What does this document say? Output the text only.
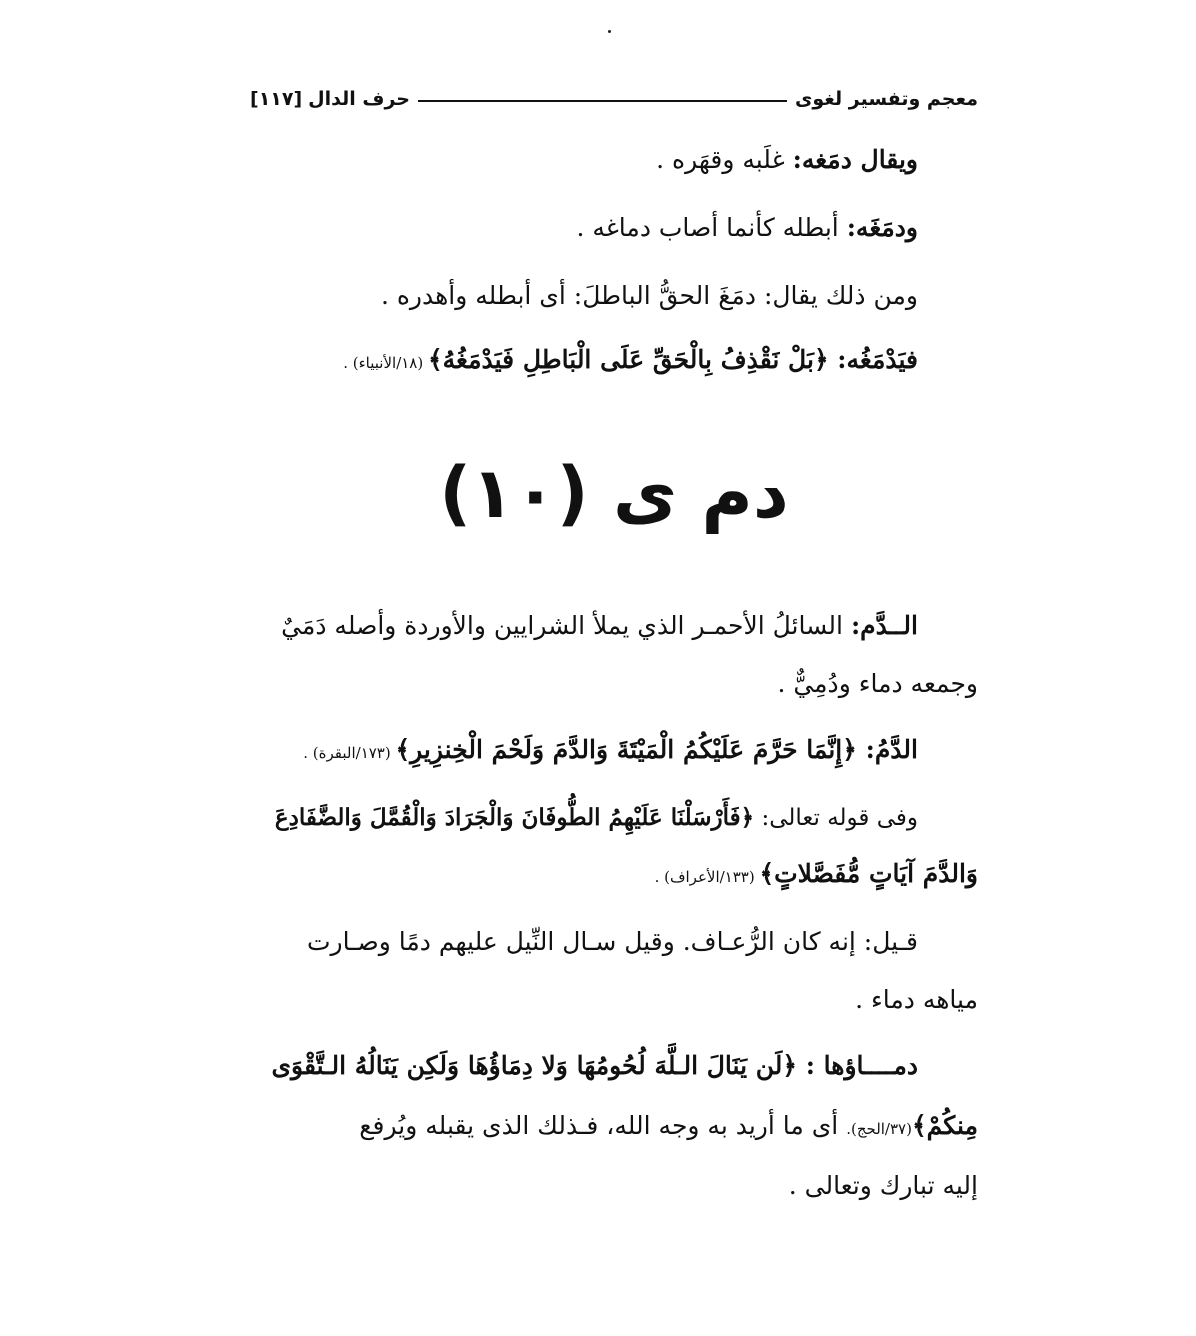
معجم وتفسير لغوى
حرف الدال
[١١٧]
ويقال دمَغه: غلَبه وقهَره .
ودمَغَه: أبطله كأنما أصاب دماغه .
ومن ذلك يقال: دمَغَ الحقُّ الباطلَ: أى أبطله وأهدره .
فيَدْمَغُه: ﴿بَلْ نَقْذِفُ بِالْحَقِّ عَلَى الْبَاطِلِ فَيَدْمَغُهُ﴾ (١٨/الأنبياء) .
دم ى (١٠)
الــدَّم: السائلُ الأحمـر الذي يملأ الشرايين والأوردة وأصله دَمَيٌ
وجمعه دماء ودُمِيٌّ .
الدَّمُ: ﴿إِنَّمَا حَرَّمَ عَلَيْكُمُ الْمَيْتَةَ وَالدَّمَ وَلَحْمَ الْخِنزِيرِ﴾ (١٧٣/البقرة) .
وفى قوله تعالى: ﴿فَأَرْسَلْنَا عَلَيْهِمُ الطُّوفَانَ وَالْجَرَادَ وَالْقُمَّلَ وَالضَّفَادِعَ
وَالدَّمَ آيَاتٍ مُّفَصَّلاتٍ﴾ (١٣٣/الأعراف) .
قـيل: إنه كان الرُّعـاف. وقيل سـال النِّيل عليهم دمًا وصـارت
مياهه دماء .
دمــــاؤها : ﴿لَن يَنَالَ الـلَّهَ لُحُومُهَا وَلا دِمَاؤُهَا وَلَكِن يَنَالُهُ الـتَّقْوَى
مِنكُمْ﴾(٣٧/الحج). أى ما أريد به وجه الله، فـذلك الذى يقبله ويُرفع
إليه تبارك وتعالى .
